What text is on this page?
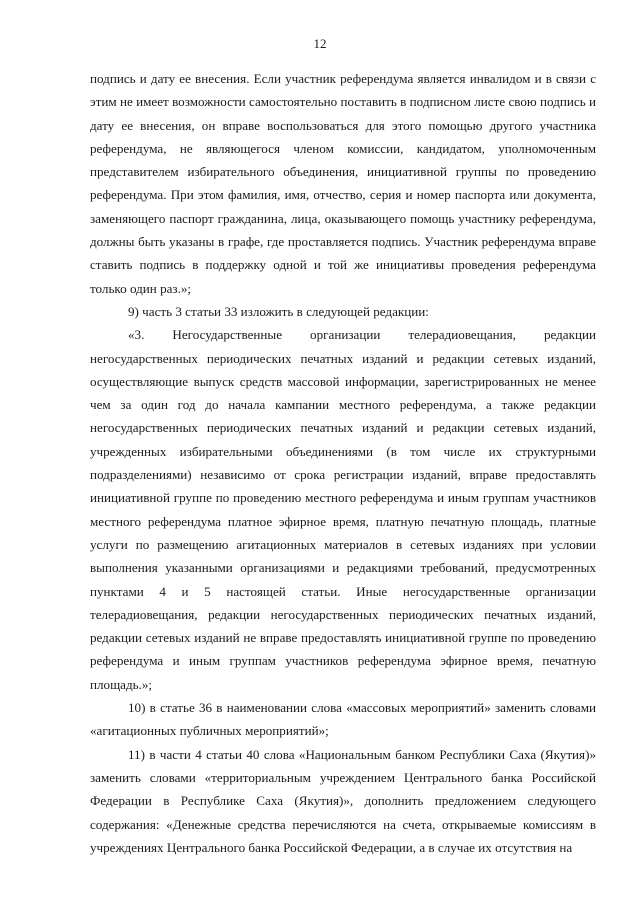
12

подпись и дату ее внесения. Если участник референдума является инвалидом и в связи с этим не имеет возможности самостоятельно поставить в подписном листе свою подпись и дату ее внесения, он вправе воспользоваться для этого помощью другого участника референдума, не являющегося членом комиссии, кандидатом, уполномоченным представителем избирательного объединения, инициативной группы по проведению референдума. При этом фамилия, имя, отчество, серия и номер паспорта или документа, заменяющего паспорт гражданина, лица, оказывающего помощь участнику референдума, должны быть указаны в графе, где проставляется подпись. Участник референдума вправе ставить подпись в поддержку одной и той же инициативы проведения референдума только один раз.»;

9) часть 3 статьи 33 изложить в следующей редакции:

«3. Негосударственные организации телерадиовещания, редакции негосударственных периодических печатных изданий и редакции сетевых изданий, осуществляющие выпуск средств массовой информации, зарегистрированных не менее чем за один год до начала кампании местного референдума, а также редакции негосударственных периодических печатных изданий и редакции сетевых изданий, учрежденных избирательными объединениями (в том числе их структурными подразделениями) независимо от срока регистрации изданий, вправе предоставлять инициативной группе по проведению местного референдума и иным группам участников местного референдума платное эфирное время, платную печатную площадь, платные услуги по размещению агитационных материалов в сетевых изданиях при условии выполнения указанными организациями и редакциями требований, предусмотренных пунктами 4 и 5 настоящей статьи. Иные негосударственные организации телерадиовещания, редакции негосударственных периодических печатных изданий, редакции сетевых изданий не вправе предоставлять инициативной группе по проведению референдума и иным группам участников референдума эфирное время, печатную площадь.»;

10) в статье 36 в наименовании слова «массовых мероприятий» заменить словами «агитационных публичных мероприятий»;

11) в части 4 статьи 40 слова «Национальным банком Республики Саха (Якутия)» заменить словами «территориальным учреждением Центрального банка Российской Федерации в Республике Саха (Якутия)», дополнить предложением следующего содержания: «Денежные средства перечисляются на счета, открываемые комиссиям в учреждениях Центрального банка Российской Федерации, а в случае их отсутствия на
